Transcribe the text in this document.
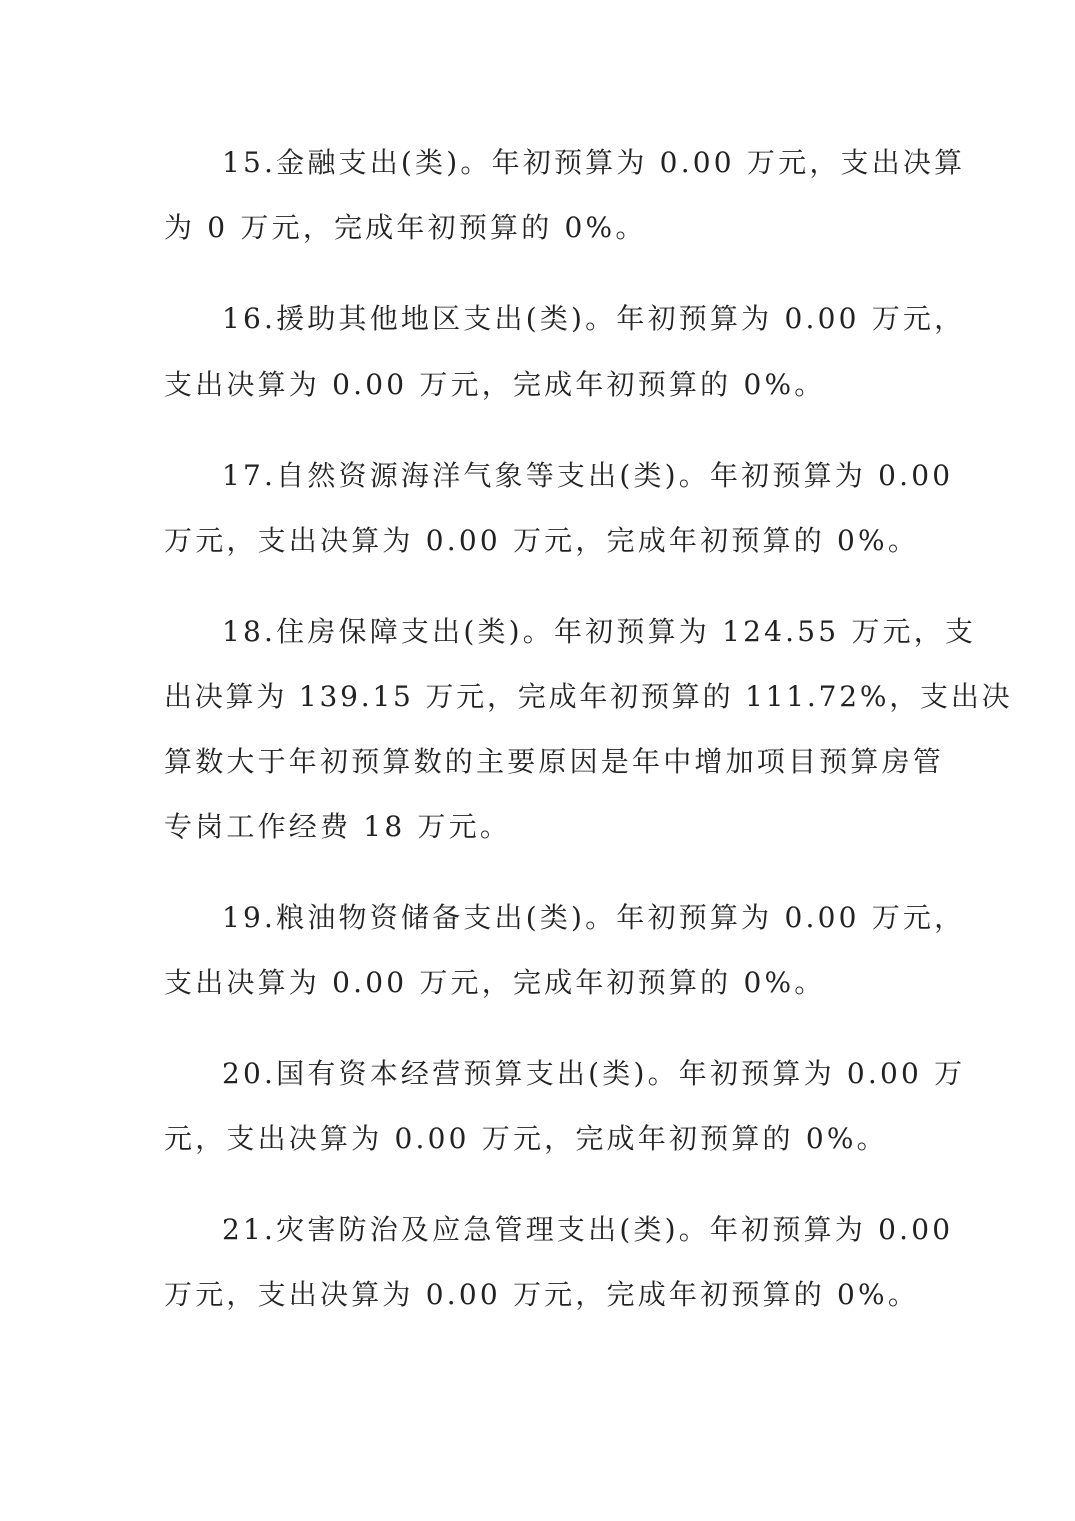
15.金融支出(类)。年初预算为 0.00 万元，支出决算
为 0 万元，完成年初预算的 0%。
16.援助其他地区支出(类)。年初预算为 0.00 万元，
支出决算为 0.00 万元，完成年初预算的 0%。
17.自然资源海洋气象等支出(类)。年初预算为 0.00
万元，支出决算为 0.00 万元，完成年初预算的 0%。
18.住房保障支出(类)。年初预算为 124.55 万元，支
出决算为 139.15 万元，完成年初预算的 111.72%，支出决
算数大于年初预算数的主要原因是年中增加项目预算房管
专岗工作经费 18 万元。
19.粮油物资储备支出(类)。年初预算为 0.00 万元，
支出决算为 0.00 万元，完成年初预算的 0%。
20.国有资本经营预算支出(类)。年初预算为 0.00 万
元，支出决算为 0.00 万元，完成年初预算的 0%。
21.灾害防治及应急管理支出(类)。年初预算为 0.00
万元，支出决算为 0.00 万元，完成年初预算的 0%。
